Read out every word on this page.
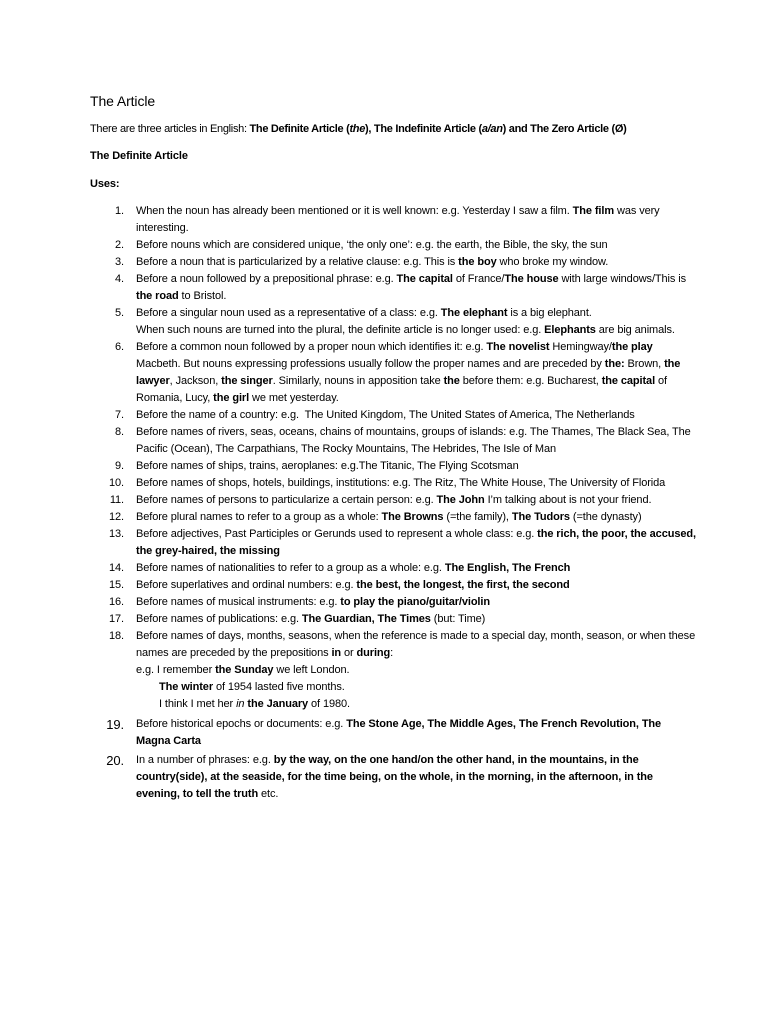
The Article

There are three articles in English: The Definite Article (the), The Indefinite Article (a/an) and The Zero Article (Ø)

The Definite Article
Uses:
1.	When the noun has already been mentioned or it is well known: e.g. Yesterday I saw a film. The film was very interesting.

2.	Before nouns which are considered unique, ‘the only one’: e.g. the earth, the Bible, the sky, the sun

3.	Before a noun that is particularized by a relative clause: e.g. This is the boy who broke my window.

4.	Before a noun followed by a prepositional phrase: e.g. The capital of France/The house with large windows/This is the road to Bristol.

5.	Before a singular noun used as a representative of a class: e.g. The elephant is a big elephant.

When such nouns are turned into the plural, the definite article is no longer used: e.g. Elephants are big animals.

6.	Before a common noun followed by a proper noun which identifies it: e.g. The novelist Hemingway/the play Macbeth. But nouns expressing professions usually follow the proper names and are preceded by the: Brown, the lawyer, Jackson, the singer. Similarly, nouns in apposition take the before them: e.g. Bucharest, the capital of Romania, Lucy, the girl we met yesterday.

7.	Before the name of a country: e.g.  The United Kingdom, The United States of America, The Netherlands

8.	Before names of rivers, seas, oceans, chains of mountains, groups of islands: e.g. The Thames, The Black Sea, The Pacific (Ocean), The Carpathians, The Rocky Mountains, The Hebrides, The Isle of Man

9.	Before names of ships, trains, aeroplanes: e.g.The Titanic, The Flying Scotsman

10.	Before names of shops, hotels, buildings, institutions: e.g. The Ritz, The White House, The University of Florida

11.	Before names of persons to particularize a certain person: e.g. The John I’m talking about is not your friend.

12.	Before plural names to refer to a group as a whole: The Browns (=the family), The Tudors (=the dynasty)

13.	Before adjectives, Past Participles or Gerunds used to represent a whole class: e.g. the rich, the poor, the accused, the grey-haired, the missing

14.	Before names of nationalities to refer to a group as a whole: e.g. The English, The French

15.	Before superlatives and ordinal numbers: e.g. the best, the longest, the first, the second

16.	Before names of musical instruments: e.g. to play the piano/guitar/violin

17.	Before names of publications: e.g. The Guardian, The Times (but: Time)

18.	Before names of days, months, seasons, when the reference is made to a special day, month, season, or when these names are preceded by the prepositions in or during:

e.g. I remember the Sunday we left London.

The winter of 1954 lasted five months.

I think I met her in the January of 1980.

19.	Before historical epochs or documents: e.g. The Stone Age, The Middle Ages, The French Revolution, The Magna Carta

20.	In a number of phrases: e.g. by the way, on the one hand/on the other hand, in the mountains, in the country(side), at the seaside, for the time being, on the whole, in the morning, in the afternoon, in the evening, to tell the truth etc.
